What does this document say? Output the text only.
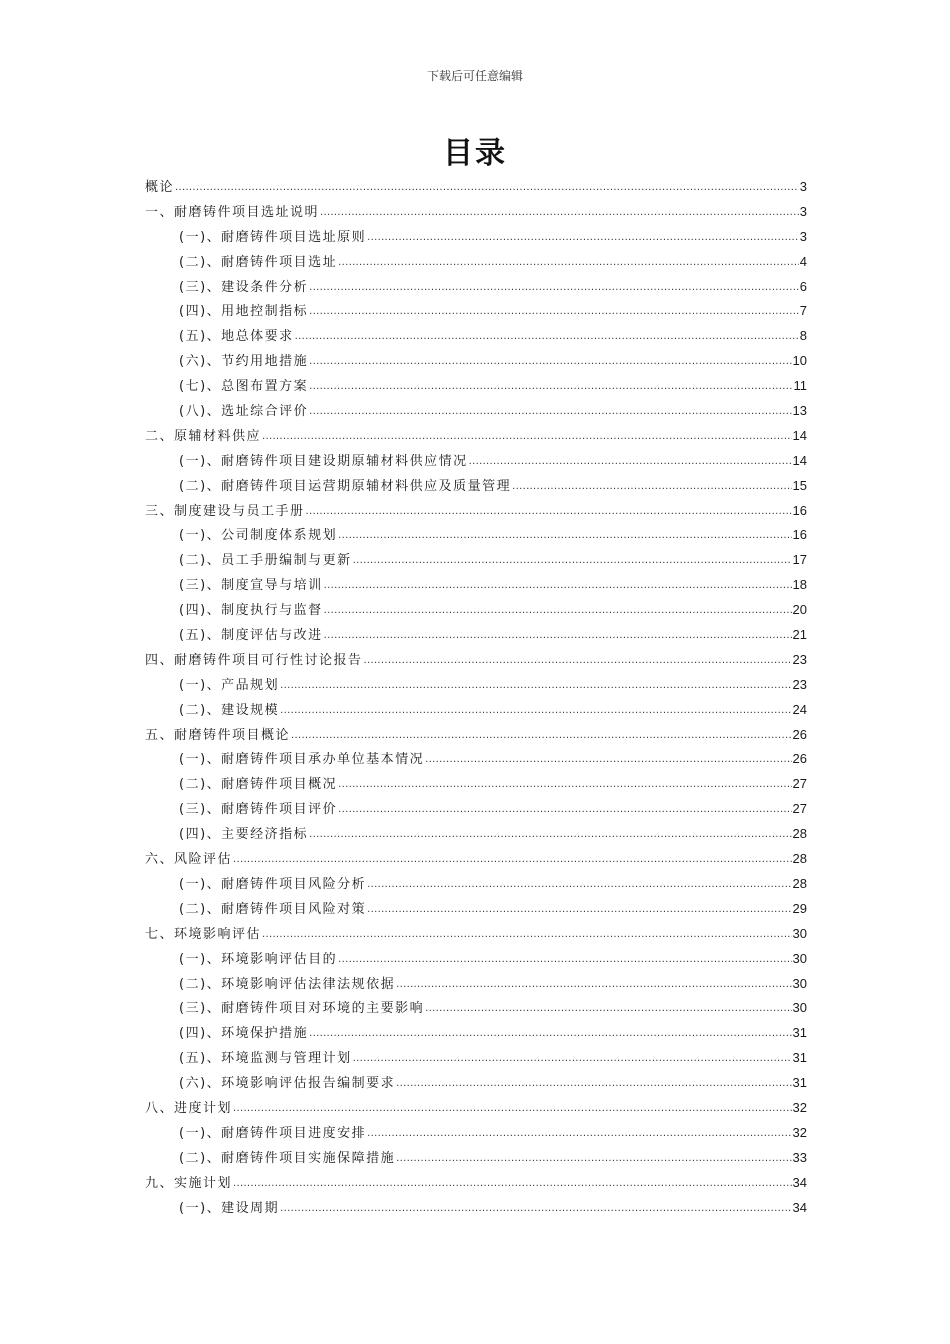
下载后可任意编辑
目录
概论 .....	3
一、耐磨铸件项目选址说明 .....	3
(一)、耐磨铸件项目选址原则 .....	3
(二)、耐磨铸件项目选址 .....	4
(三)、建设条件分析 .....	6
(四)、用地控制指标 .....	7
(五)、地总体要求 .....	8
(六)、节约用地措施 .....	10
(七)、总图布置方案 .....	11
(八)、选址综合评价 .....	13
二、原辅材料供应 .....	14
(一)、耐磨铸件项目建设期原辅材料供应情况 .....	14
(二)、耐磨铸件项目运营期原辅材料供应及质量管理 .....	15
三、制度建设与员工手册 .....	16
(一)、公司制度体系规划 .....	16
(二)、员工手册编制与更新 .....	17
(三)、制度宣导与培训 .....	18
(四)、制度执行与监督 .....	20
(五)、制度评估与改进 .....	21
四、耐磨铸件项目可行性讨论报告 .....	23
(一)、产品规划 .....	23
(二)、建设规模 .....	24
五、耐磨铸件项目概论 .....	26
(一)、耐磨铸件项目承办单位基本情况 .....	26
(二)、耐磨铸件项目概况 .....	27
(三)、耐磨铸件项目评价 .....	27
(四)、主要经济指标 .....	28
六、风险评估 .....	28
(一)、耐磨铸件项目风险分析 .....	28
(二)、耐磨铸件项目风险对策 .....	29
七、环境影响评估 .....	30
(一)、环境影响评估目的 .....	30
(二)、环境影响评估法律法规依据 .....	30
(三)、耐磨铸件项目对环境的主要影响 .....	30
(四)、环境保护措施 .....	31
(五)、环境监测与管理计划 .....	31
(六)、环境影响评估报告编制要求 .....	31
八、进度计划 .....	32
(一)、耐磨铸件项目进度安排 .....	32
(二)、耐磨铸件项目实施保障措施 .....	33
九、实施计划 .....	34
(一)、建设周期 .....	34
